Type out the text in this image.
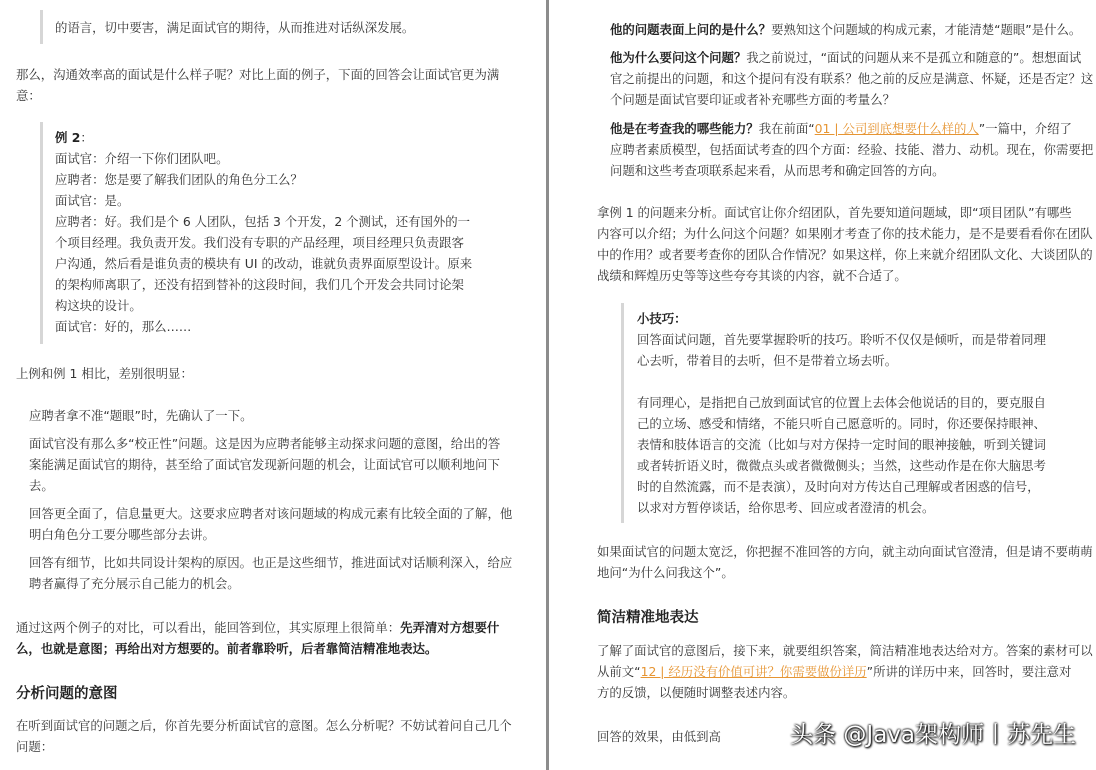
的语言，切中要害，满足面试官的期待，从而推进对话纵深发展。

那么，沟通效率高的面试是什么样子呢？对比上面的例子，下面的回答会让面试官更为满

意：

例 2：

面试官：介绍一下你们团队吧。

应聘者：您是要了解我们团队的角色分工么？

面试官：是。

应聘者：好。我们是个 6 人团队，包括 3 个开发，2 个测试，还有国外的一

个项目经理。我负责开发。我们没有专职的产品经理，项目经理只负责跟客

户沟通，然后看是谁负责的模块有 UI 的改动，谁就负责界面原型设计。原来

的架构师离职了，还没有招到替补的这段时间，我们几个开发会共同讨论架

构这块的设计。

面试官：好的，那么……

上例和例 1 相比，差别很明显：

应聘者拿不准“题眼”时，先确认了一下。

面试官没有那么多“校正性”问题。这是因为应聘者能够主动探求问题的意图，给出的答

案能满足面试官的期待，甚至给了面试官发现新问题的机会，让面试官可以顺利地问下

去。

回答更全面了，信息量更大。这要求应聘者对该问题域的构成元素有比较全面的了解，他

明白角色分工要分哪些部分去讲。

回答有细节，比如共同设计架构的原因。也正是这些细节，推进面试对话顺利深入，给应

聘者赢得了充分展示自己能力的机会。

通过这两个例子的对比，可以看出，能回答到位，其实原理上很简单：先弄清对方想要什

么，也就是意图；再给出对方想要的。前者靠聆听，后者靠简洁精准地表达。

分析问题的意图

在听到面试官的问题之后，你首先要分析面试官的意图。怎么分析呢？不妨试着问自己几个

问题：

他的问题表面上问的是什么？要熟知这个问题域的构成元素，才能清楚“题眼”是什么。

他为什么要问这个问题？我之前说过，“面试的问题从来不是孤立和随意的”。想想面试

官之前提出的问题，和这个提问有没有联系？他之前的反应是满意、怀疑，还是否定？这

个问题是面试官要印证或者补充哪些方面的考量么？

他是在考查我的哪些能力？我在前面“01 | 公司到底想要什么样的人”一篇中，介绍了

应聘者素质模型，包括面试考查的四个方面：经验、技能、潜力、动机。现在，你需要把

问题和这些考查项联系起来看，从而思考和确定回答的方向。

拿例 1 的问题来分析。面试官让你介绍团队，首先要知道问题域，即“项目团队”有哪些

内容可以介绍；为什么问这个问题？如果刚才考查了你的技术能力，是不是要看看你在团队

中的作用？或者要考查你的团队合作情况？如果这样，你上来就介绍团队文化、大谈团队的

战绩和辉煌历史等等这些夸夸其谈的内容，就不合适了。

小技巧：

回答面试问题，首先要掌握聆听的技巧。聆听不仅仅是倾听，而是带着同理

心去听，带着目的去听，但不是带着立场去听。

有同理心，是指把自己放到面试官的位置上去体会他说话的目的，要克服自

己的立场、感受和情绪，不能只听自己愿意听的。同时，你还要保持眼神、

表情和肢体语言的交流（比如与对方保持一定时间的眼神接触，听到关键词

或者转折语义时，微微点头或者微微侧头；当然，这些动作是在你大脑思考

时的自然流露，而不是表演），及时向对方传达自己理解或者困惑的信号，

以求对方暂停谈话，给你思考、回应或者澄清的机会。

如果面试官的问题太宽泛，你把握不准回答的方向，就主动向面试官澄清，但是请不要萌萌

地问“为什么问我这个”。

简洁精准地表达

了解了面试官的意图后，接下来，就要组织答案，简洁精准地表达给对方。答案的素材可以

从前文“12 | 经历没有价值可讲？你需要做份详历”所讲的详历中来，回答时，要注意对

方的反馈，以便随时调整表述内容。

回答的效果，由低到高	头条 @Java架构师丨苏先生
